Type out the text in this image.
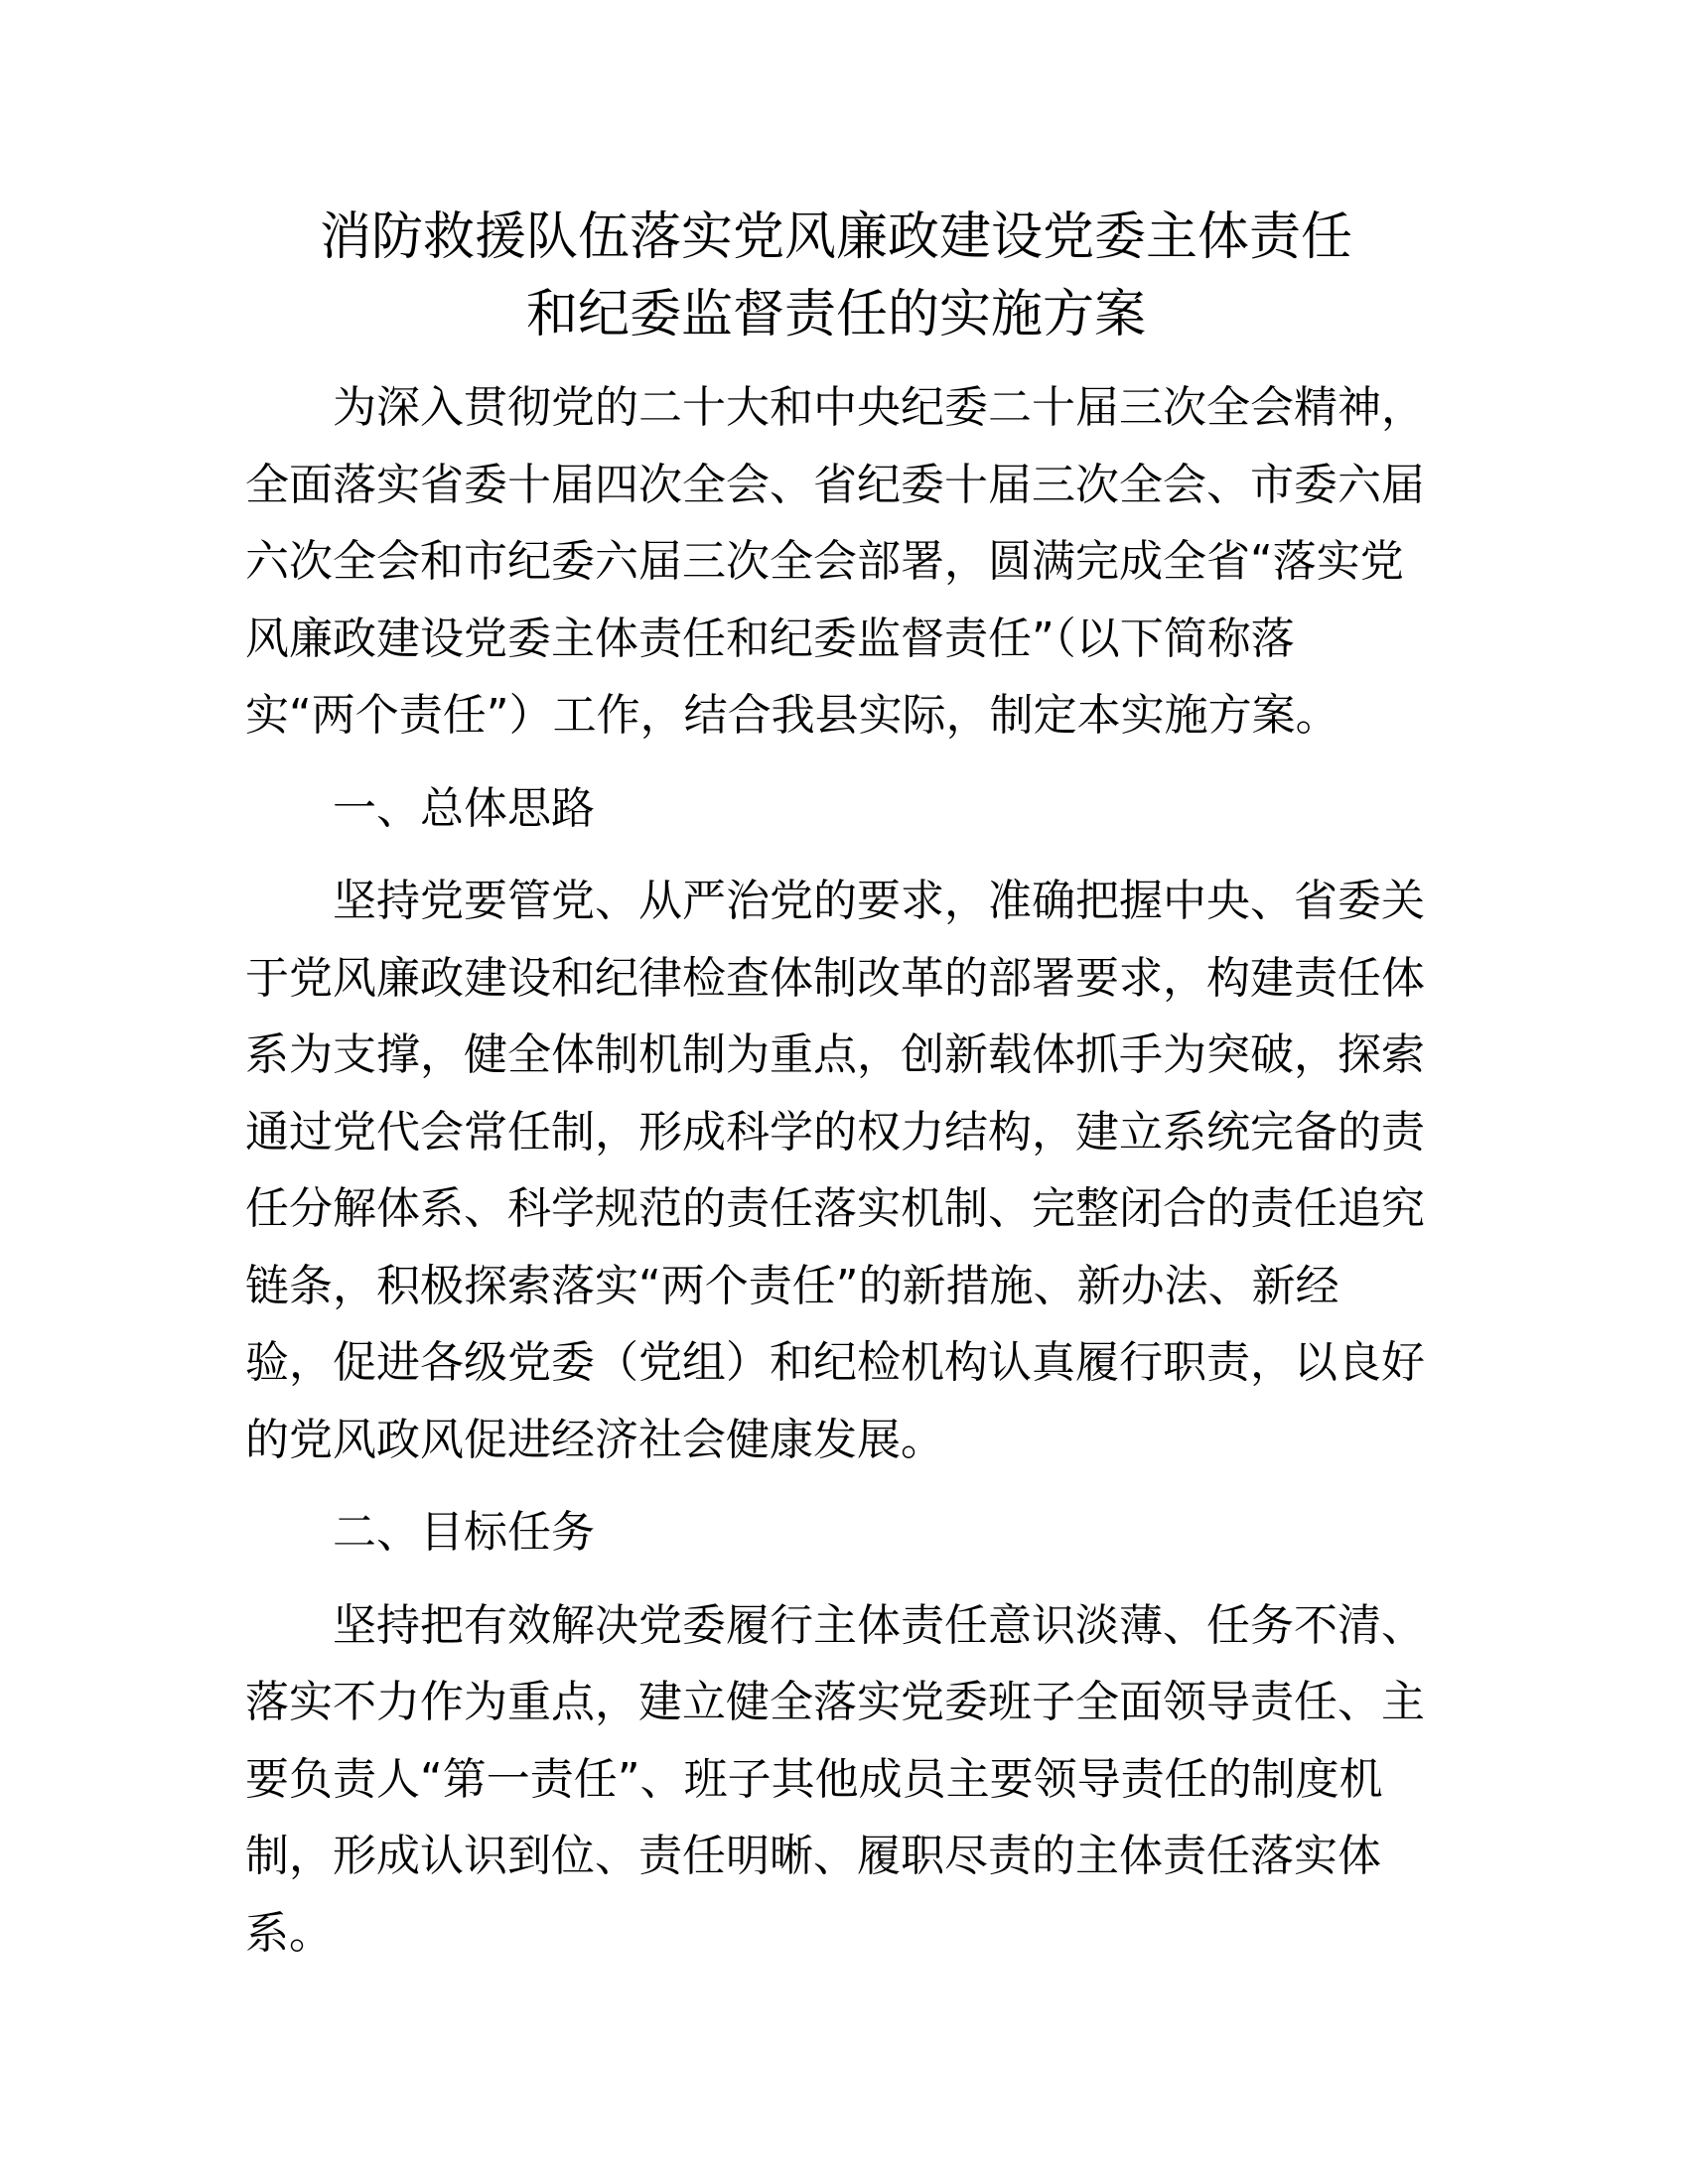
消防救援队伍落实党风廉政建设党委主体责任
和纪委监督责任的实施方案
为深入贯彻党的二十大和中央纪委二十届三次全会精神，
全面落实省委十届四次全会、省纪委十届三次全会、市委六届
六次全会和市纪委六届三次全会部署，圆满完成全省“落实党
风廉政建设党委主体责任和纪委监督责任”（以下简称落
实“两个责任”）工作，结合我县实际，制定本实施方案。
一、总体思路
坚持党要管党、从严治党的要求，准确把握中央、省委关
于党风廉政建设和纪律检查体制改革的部署要求，构建责任体
系为支撑，健全体制机制为重点，创新载体抓手为突破，探索
通过党代会常任制，形成科学的权力结构，建立系统完备的责
任分解体系、科学规范的责任落实机制、完整闭合的责任追究
链条，积极探索落实“两个责任”的新措施、新办法、新经
验，促进各级党委（党组）和纪检机构认真履行职责，以良好
的党风政风促进经济社会健康发展。
二、目标任务
坚持把有效解决党委履行主体责任意识淡薄、任务不清、
落实不力作为重点，建立健全落实党委班子全面领导责任、主
要负责人“第一责任”、班子其他成员主要领导责任的制度机
制，形成认识到位、责任明晰、履职尽责的主体责任落实体
系。
